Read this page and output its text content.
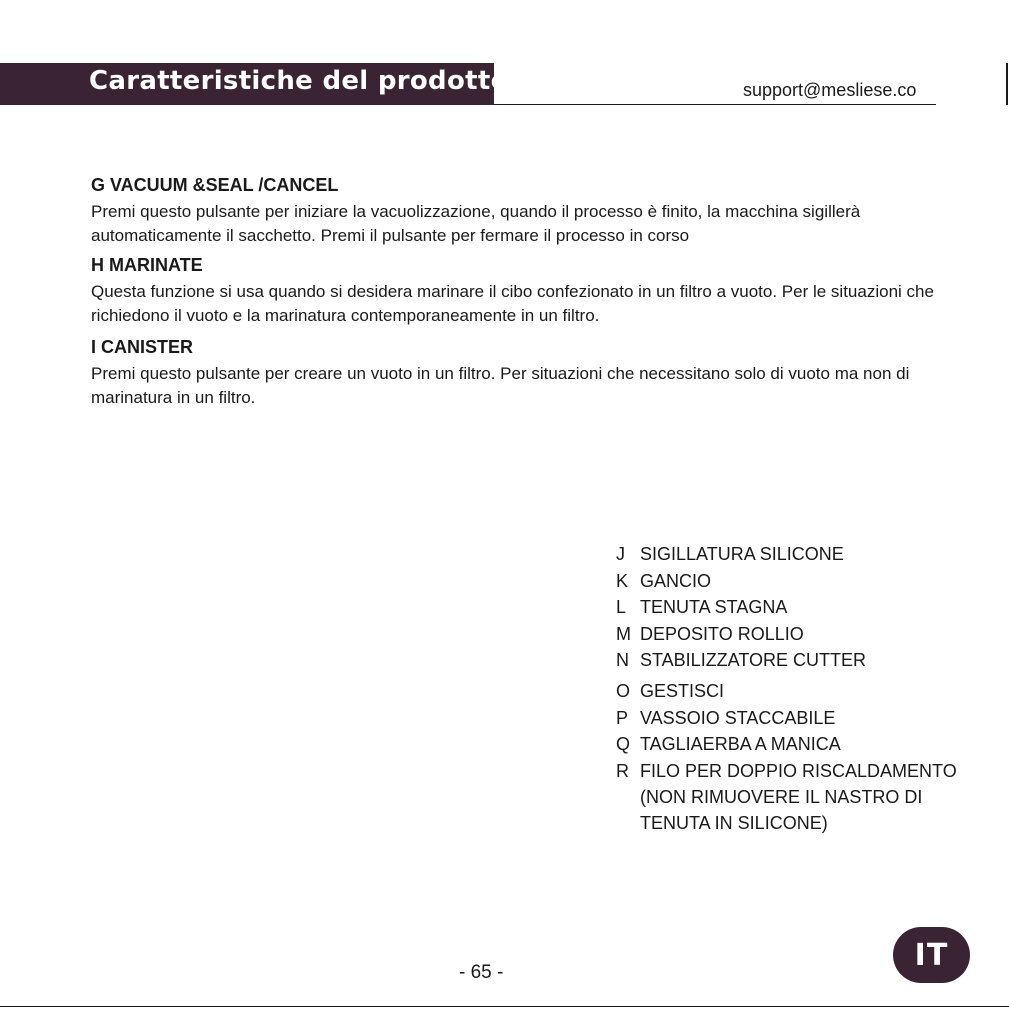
Caratteristiche del prodotto	support@mesliese.co
G VACUUM &SEAL /CANCEL
Premi questo pulsante per iniziare la vacuolizzazione, quando il processo è finito, la macchina sigillerà automaticamente il sacchetto. Premi il pulsante per fermare il processo in corso
H MARINATE
Questa funzione si usa quando si desidera marinare il cibo confezionato in un filtro a vuoto. Per le situazioni che richiedono il vuoto e la marinatura contemporaneamente in un filtro.
I CANISTER
Premi questo pulsante per creare un vuoto in un filtro. Per situazioni che necessitano solo di vuoto ma non di marinatura in un filtro.
J SIGILLATURA SILICONE
K GANCIO
L TENUTA STAGNA
M DEPOSITO ROLLIO
N STABILIZZATORE CUTTER
O GESTISCI
P VASSOIO STACCABILE
Q TAGLIAERBA A MANICA
R FILO PER DOPPIO RISCALDAMENTO
(NON RIMUOVERE IL NASTRO DI
TENUTA IN SILICONE)
- 65 -	IT
